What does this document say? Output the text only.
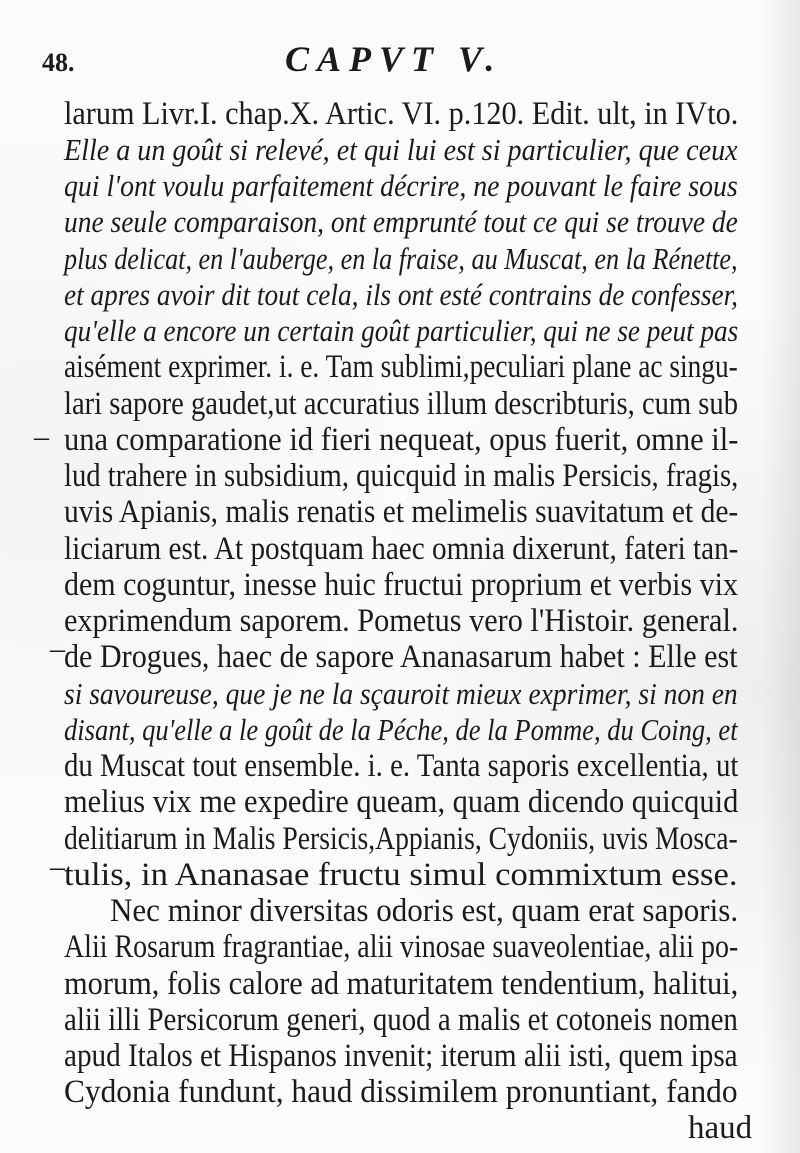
48.	CAPVT V.
larum Livr.I. chap.X. Artic. VI. p.120. Edit. ult, in IVto.
Elle a un goût si relevé, et qui lui est si particulier, que ceux
qui l'ont voulu parfaitement décrire, ne pouvant le faire sous
une seule comparaison, ont emprunté tout ce qui se trouve de
plus delicat, en l'auberge, en la fraise, au Muscat, en la Rénette,
et apres avoir dit tout cela, ils ont esté contrains de confesser,
qu'elle a encore un certain goût particulier, qui ne se peut pas
aisément exprimer. i. e. Tam sublimi,peculiari plane ac singu-
lari sapore gaudet,ut accuratius illum describturis, cum sub
una comparatione id fieri nequeat, opus fuerit, omne il-
lud trahere in subsidium, quicquid in malis Persicis, fragis,
uvis Apianis, malis renatis et melimelis suavitatum et de-
liciarum est. At postquam haec omnia dixerunt, fateri tan-
dem coguntur, inesse huic fructui proprium et verbis vix
exprimendum saporem. Pometus vero l'Histoir. general.
de Drogues, haec de sapore Ananasarum habet : Elle est
si savoureuse, que je ne la sçauroit mieux exprimer, si non en
disant, qu'elle a le goût de la Péche, de la Pomme, du Coing, et
du Muscat tout ensemble. i. e. Tanta saporis excellentia, ut
melius vix me expedire queam, quam dicendo quicquid
delitiarum in Malis Persicis,Appianis, Cydoniis, uvis Mosca-
tulis, in Ananasae fructu simul commixtum esse.
Nec minor diversitas odoris est, quam erat saporis.
Alii Rosarum fragrantiae, alii vinosae suaveolentiae, alii po-
morum, folis calore ad maturitatem tendentium, halitui,
alii illi Persicorum generi, quod a malis et cotoneis nomen
apud Italos et Hispanos invenit; iterum alii isti, quem ipsa
Cydonia fundunt, haud dissimilem pronuntiant, fando
haud
–
–
–
